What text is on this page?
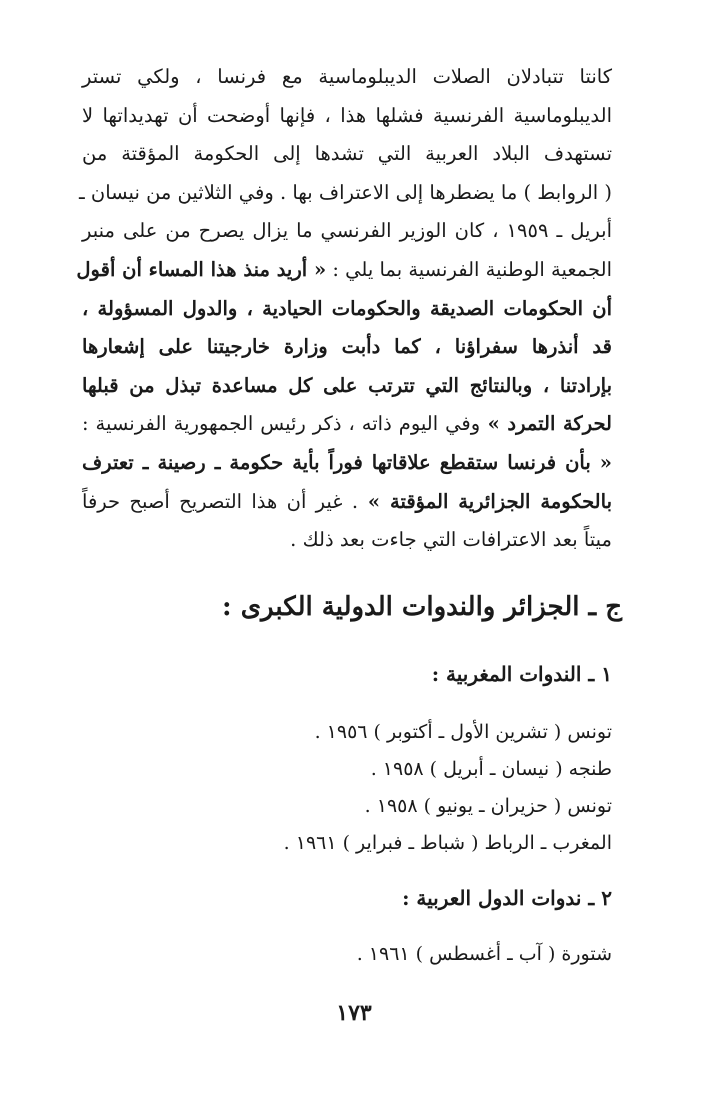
كانتا تتبادلان الصلات الديبلوماسية مع فرنسا ، ولكي تستر
الديبلوماسية الفرنسية فشلها هذا ، فإنها أوضحت أن تهديداتها لا
تستهدف البلاد العربية التي تشدها إلى الحكومة المؤقتة من
( الروابط ) ما يضطرها إلى الاعتراف بها . وفي الثلاثين من نيسان ـ
أبريل ـ ١٩٥٩ ، كان الوزير الفرنسي ما يزال يصرح من على منبر
الجمعية الوطنية الفرنسية بما يلي : « أريد منذ هذا المساء أن أقول
أن الحكومات الصديقة والحكومات الحيادية ، والدول المسؤولة ،
قد أنذرها سفراؤنا ، كما دأبت وزارة خارجيتنا على إشعارها
بإرادتنا ، وبالنتائج التي تترتب على كل مساعدة تبذل من قبلها
لحركة التمرد » وفي اليوم ذاته ، ذكر رئيس الجمهورية الفرنسية :
« بأن فرنسا ستقطع علاقاتها فوراً بأية حكومة ـ رصينة ـ تعترف
بالحكومة الجزائرية المؤقتة » . غير أن هذا التصريح أصبح حرفاً
ميتاً بعد الاعترافات التي جاءت بعد ذلك .

ج ـ الجزائر والندوات الدولية الكبرى :
١ ـ الندوات المغربية :
تونس ( تشرين الأول ـ أكتوبر ) ١٩٥٦ .
طنجه ( نيسان ـ أبريل ) ١٩٥٨ .
تونس ( حزيران ـ يونيو ) ١٩٥٨ .
المغرب ـ الرباط ( شباط ـ فبراير ) ١٩٦١ .
٢ ـ ندوات الدول العربية :
شتورة ( آب ـ أغسطس ) ١٩٦١ .

١٧٣
